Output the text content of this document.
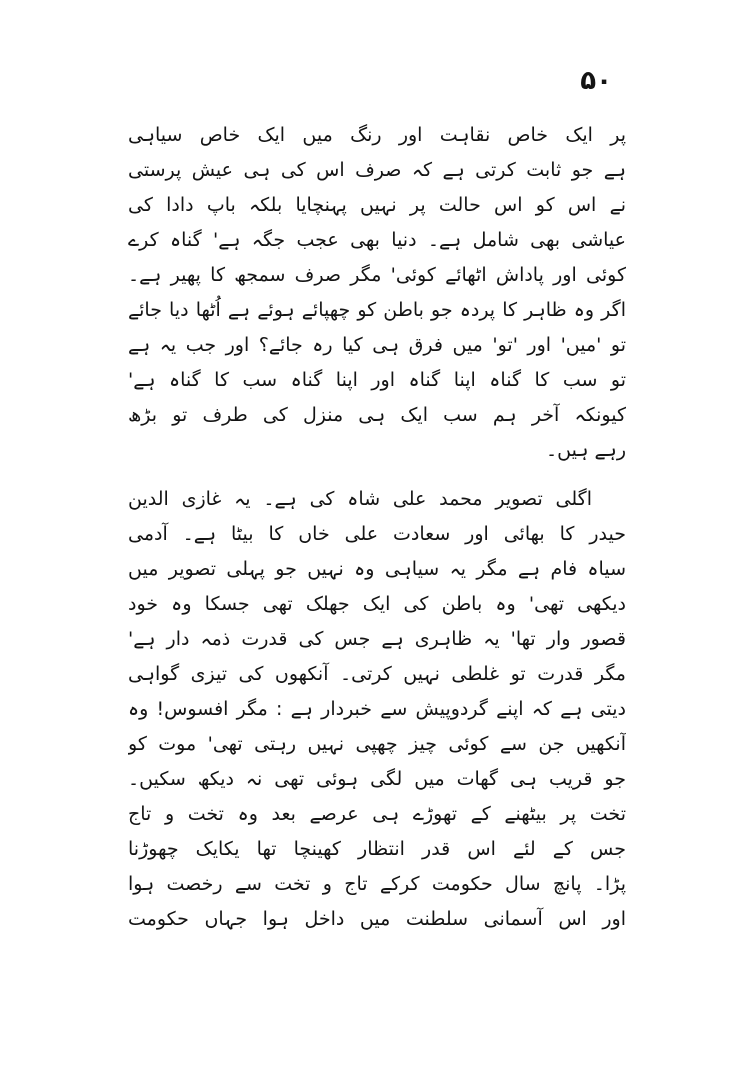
۵۰
پر ایک خاص نقاہت اور رنگ میں ایک خاص سیاہی
ہے جو ثابت کرتی ہے کہ صرف اس کی ہی عیش پرستی
نے اس کو اس حالت پر نہیں پہنچایا بلکہ باپ دادا کی
عیاشی بھی شامل ہے۔ دنیا بھی عجب جگہ ہے' گناہ کرے
کوئی اور پاداش اٹھائے کوئی' مگر صرف سمجھ کا پھیر ہے۔
اگر وہ ظاہر کا پردہ جو باطن کو چھپائے ہوئے ہے اُٹھا دیا جائے
تو 'میں' اور 'تو' میں فرق ہی کیا رہ جائے؟ اور جب یہ ہے
تو سب کا گناہ اپنا گناہ اور اپنا گناہ سب کا گناہ ہے'
کیونکہ آخر ہم سب ایک ہی منزل کی طرف تو بڑھ
رہے ہیں۔
اگلی تصویر محمد علی شاہ کی ہے۔ یہ غازی الدین
حیدر کا بھائی اور سعادت علی خاں کا بیٹا ہے۔ آدمی
سیاہ فام ہے مگر یہ سیاہی وہ نہیں جو پہلی تصویر میں
دیکھی تھی' وہ باطن کی ایک جھلک تھی جسکا وہ خود
قصور وار تھا' یہ ظاہری ہے جس کی قدرت ذمہ دار ہے'
مگر قدرت تو غلطی نہیں کرتی۔ آنکھوں کی تیزی گواہی
دیتی ہے کہ اپنے گردوپیش سے خبردار ہے : مگر افسوس! وہ
آنکھیں جن سے کوئی چیز چھپی نہیں رہتی تھی' موت کو
جو قریب ہی گھات میں لگی ہوئی تھی نہ دیکھ سکیں۔
تخت پر بیٹھنے کے تھوڑے ہی عرصے بعد وہ تخت و تاج
جس کے لئے اس قدر انتظار کھینچا تھا یکایک چھوڑنا
پڑا۔ پانچ سال حکومت کرکے تاج و تخت سے رخصت ہوا
اور اس آسمانی سلطنت میں داخل ہوا جہاں حکومت
